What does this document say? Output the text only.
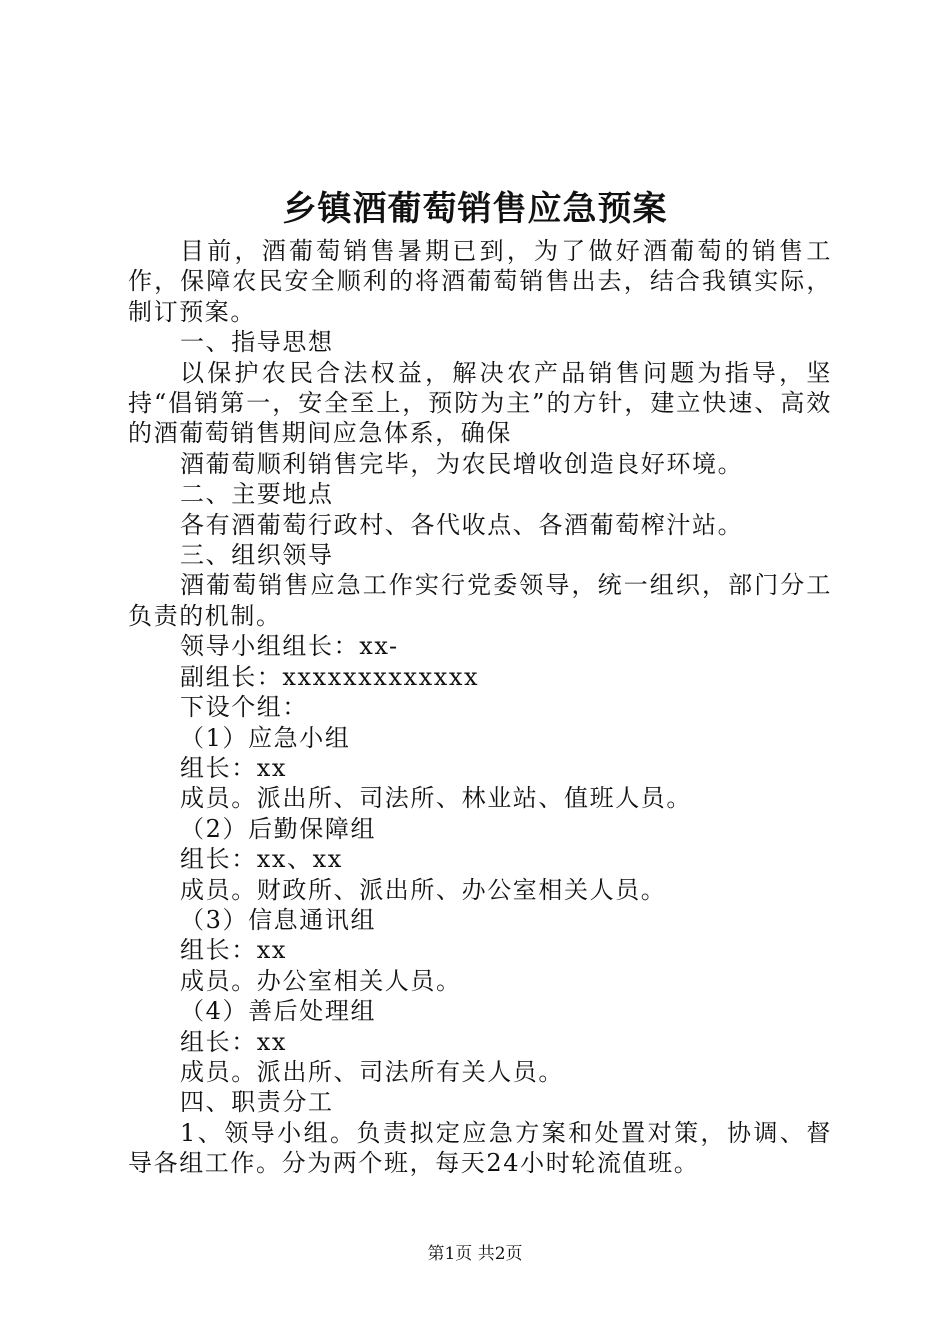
乡镇酒葡萄销售应急预案

目前，酒葡萄销售暑期已到，为了做好酒葡萄的销售工作，保障农民安全顺利的将酒葡萄销售出去，结合我镇实际，制订预案。

一、指导思想

以保护农民合法权益，解决农产品销售问题为指导，坚持“倡销第一，安全至上，预防为主”的方针，建立快速、高效的酒葡萄销售期间应急体系，确保

酒葡萄顺利销售完毕，为农民增收创造良好环境。

二、主要地点

各有酒葡萄行政村、各代收点、各酒葡萄榨汁站。

三、组织领导

酒葡萄销售应急工作实行党委领导，统一组织，部门分工负责的机制。

领导小组组长：xx-

副组长：xxxxxxxxxxxxx

下设个组：

（1）应急小组

组长：xx

成员。派出所、司法所、林业站、值班人员。

（2）后勤保障组

组长：xx、xx

成员。财政所、派出所、办公室相关人员。

（3）信息通讯组

组长：xx

成员。办公室相关人员。

（4）善后处理组

组长：xx

成员。派出所、司法所有关人员。

四、职责分工

1、领导小组。负责拟定应急方案和处置对策，协调、督导各组工作。分为两个班，每天24小时轮流值班。

第1页 共2页
